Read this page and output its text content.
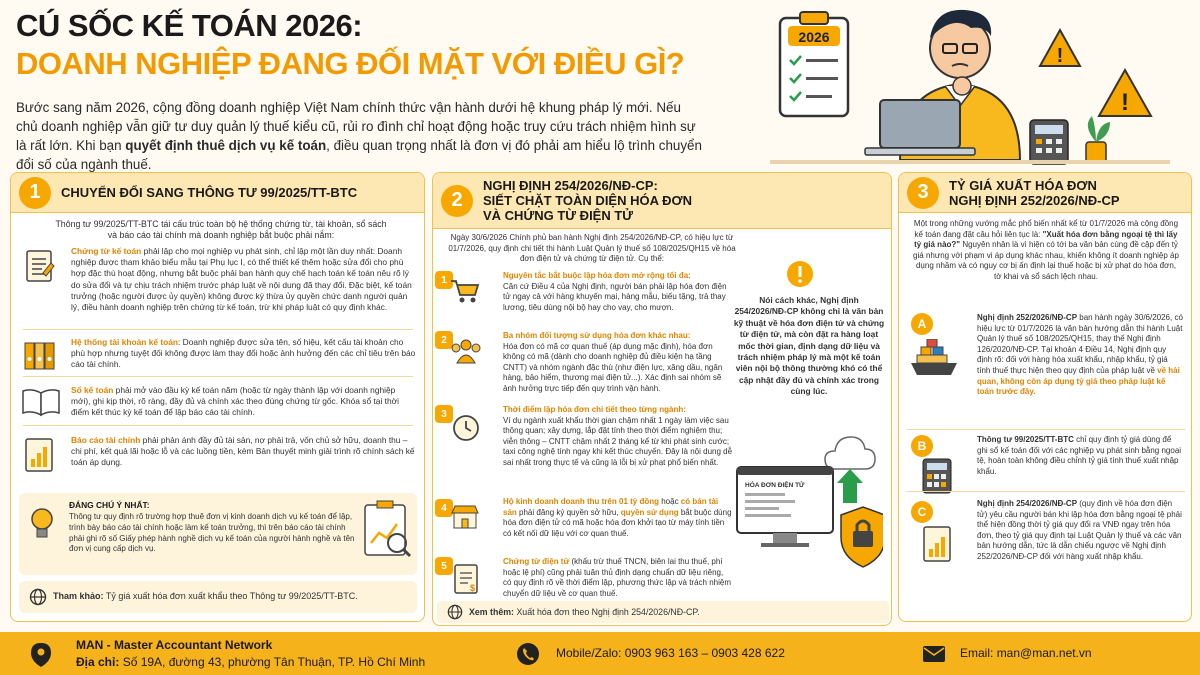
CÚ SỐC KẾ TOÁN 2026:
DOANH NGHIỆP ĐANG ĐỐI MẶT VỚI ĐIỀU GÌ?
Bước sang năm 2026, cộng đồng doanh nghiệp Việt Nam chính thức vận hành dưới hệ khung pháp lý mới. Nếu chủ doanh nghiệp vẫn giữ tư duy quản lý thuế kiểu cũ, rủi ro đình chỉ hoạt động hoặc truy cứu trách nhiệm hình sự là rất lớn. Khi bạn quyết định thuê dịch vụ kế toán, điều quan trọng nhất là đơn vị đó phải am hiểu lộ trình chuyển đổi số của ngành thuế.
2026
!
!
1	CHUYỂN ĐỔI SANG THÔNG TƯ 99/2025/TT-BTC
Thông tư 99/2025/TT-BTC tái cấu trúc toàn bộ hệ thống chứng từ, tài khoản, sổ sách và báo cáo tài chính mà doanh nghiệp bắt buộc phải nắm:
Chứng từ kế toán phải lập cho mọi nghiệp vụ phát sinh, chỉ lập một lần duy nhất: Doanh nghiệp được tham khảo biểu mẫu tại Phụ lục I, có thể thiết kế thêm hoặc sửa đổi cho phù hợp đặc thù hoạt động, nhưng bắt buộc phải ban hành quy chế hạch toán kế toán nêu rõ lý do sửa đổi và tự chịu trách nhiệm trước pháp luật về nội dung đã thay đổi. Đặc biệt, kế toán trưởng (hoặc người được ủy quyền) không được ký thừa ủy quyền chức danh người quản lý, điều hành doanh nghiệp trên chứng từ kế toán, trừ khi pháp luật có quy định khác.
Hệ thống tài khoản kế toán: Doanh nghiệp được sửa tên, số hiệu, kết cấu tài khoản cho phù hợp nhưng tuyệt đối không được làm thay đổi hoặc ảnh hưởng đến các chỉ tiêu trên báo cáo tài chính.
Sổ kế toán phải mở vào đầu kỳ kế toán năm (hoặc từ ngày thành lập với doanh nghiệp mới), ghi kịp thời, rõ ràng, đầy đủ và chính xác theo đúng chứng từ gốc. Khóa sổ tại thời điểm kết thúc kỳ kế toán để lập báo cáo tài chính.
Báo cáo tài chính phải phản ánh đầy đủ tài sản, nợ phải trả, vốn chủ sở hữu, doanh thu – chi phí, kết quả lãi hoặc lỗ và các luồng tiền, kèm Bản thuyết minh giải trình rõ chính sách kế toán áp dụng.
ĐÁNG CHÚ Ý NHẤT:
Thông tư quy định rõ trường hợp thuê đơn vị kinh doanh dịch vụ kế toán để lập, trình bày báo cáo tài chính hoặc làm kế toán trưởng, thì trên báo cáo tài chính phải ghi rõ số Giấy phép hành nghề dịch vụ kế toán của người hành nghề và tên đơn vị cung cấp dịch vụ.
Tham khảo: Tỷ giá xuất hóa đơn xuất khẩu theo Thông tư 99/2025/TT-BTC.
2
NGHỊ ĐỊNH 254/2026/NĐ-CP:
SIẾT CHẶT TOÀN DIỆN HÓA ĐƠN
VÀ CHỨNG TỪ ĐIỆN TỬ
Ngày 30/6/2026 Chính phủ ban hành Nghị định 254/2026/NĐ-CP, có hiệu lực từ 01/7/2026, quy định chi tiết thi hành Luật Quản lý thuế số 108/2025/QH15 về hóa đơn điện tử và chứng từ điện tử. Cụ thể:
1	Nguyên tắc bắt buộc lập hóa đơn mở rộng tối đa:
Căn cứ Điều 4 của Nghị định, người bán phải lập hóa đơn điện tử ngay cả với hàng khuyến mại, hàng mẫu, biếu tặng, trả thay lương, tiêu dùng nội bộ hay cho vay, cho mượn.
2	Ba nhóm đối tượng sử dụng hóa đơn khác nhau:
Hóa đơn có mã cơ quan thuế (áp dụng mặc định), hóa đơn không có mã (dành cho doanh nghiệp đủ điều kiện hạ tầng CNTT) và nhóm ngành đặc thù (như điện lực, xăng dầu, ngân hàng, bảo hiểm, thương mại điện tử...). Xác định sai nhóm sẽ ảnh hưởng trực tiếp đến quy trình vận hành.
3	Thời điểm lập hóa đơn chi tiết theo từng ngành:
Ví dụ ngành xuất khẩu thời gian chậm nhất 1 ngày làm việc sau thông quan; xây dựng, lắp đặt tính theo thời điểm nghiệm thu; viễn thông – CNTT chậm nhất 2 tháng kể từ khi phát sinh cước; taxi công nghệ tính ngay khi kết thúc chuyến. Đây là nội dung dễ sai nhất trong thực tế và cũng là lỗi bị xử phạt phổ biến nhất.
4
Hộ kinh doanh doanh thu trên 01 tỷ đồng hoặc có bán tài sản phải đăng ký quyền sở hữu, quyền sử dụng bắt buộc dùng hóa đơn điện tử có mã hoặc hóa đơn khởi tạo từ máy tính tiền có kết nối dữ liệu với cơ quan thuế.
5
$
Chứng từ điện tử (khấu trừ thuế TNCN, biên lai thu thuế, phí hoặc lệ phí) cũng phải tuân thủ định dạng chuẩn dữ liệu riêng, có quy định rõ về thời điểm lập, phương thức lập và trách nhiệm chuyển dữ liệu về cơ quan thuế.
Nói cách khác, Nghị định 254/2026/NĐ-CP không chỉ là văn bản kỹ thuật về hóa đơn điện tử và chứng từ điện tử, mà còn đặt ra hàng loạt mốc thời gian, định dạng dữ liệu và trách nhiệm pháp lý mà một kế toán viên nội bộ thông thường khó có thể cập nhật đầy đủ và chính xác trong cùng lúc.
HÓA ĐƠN ĐIỆN TỬ
Xem thêm: Xuất hóa đơn theo Nghị định 254/2026/NĐ-CP.
3	TỶ GIÁ XUẤT HÓA ĐƠN
NGHỊ ĐỊNH 252/2026/NĐ-CP
Một trong những vướng mắc phổ biến nhất kể từ 01/7/2026 mà cộng đồng kế toán đang đặt câu hỏi liên tục là: "Xuất hóa đơn bằng ngoại tệ thì lấy tỷ giá nào?" Nguyên nhân là vì hiện có tới ba văn bản cùng đề cập đến tỷ giá nhưng với phạm vi áp dụng khác nhau, khiến không ít doanh nghiệp áp dụng nhầm và có nguy cơ bị ấn định lại thuế hoặc bị xử phạt do hóa đơn, tờ khai và sổ sách lệch nhau.
A	Nghị định 252/2026/NĐ-CP ban hành ngày 30/6/2026, có hiệu lực từ 01/7/2026 là văn bản hướng dẫn thi hành Luật Quản lý thuế số 108/2025/QH15, thay thế Nghị định 126/2020/NĐ-CP. Tại khoản 4 Điều 14, Nghị định quy định rõ: đối với hàng hóa xuất khẩu, nhập khẩu, tỷ giá tính thuế thực hiện theo quy định của pháp luật về về hải quan, không còn áp dụng tỷ giá theo pháp luật kế toán trước đây.
B	Thông tư 99/2025/TT-BTC chỉ quy định tỷ giá dùng để ghi sổ kế toán đối với các nghiệp vụ phát sinh bằng ngoại tệ, hoàn toàn không điều chỉnh tỷ giá tính thuế xuất nhập khẩu.
C
Nghị định 254/2026/NĐ-CP (quy định về hóa đơn điện tử) yêu cầu người bán khi lập hóa đơn bằng ngoại tệ phải thể hiện đồng thời tỷ giá quy đổi ra VNĐ ngay trên hóa đơn, theo tỷ giá quy định tại Luật Quản lý thuế và các văn bản hướng dẫn, tức là dẫn chiếu ngược về Nghị định 252/2026/NĐ-CP đối với hàng xuất nhập khẩu.
MAN - Master Accountant Network
Địa chỉ: Số 19A, đường 43, phường Tân Thuận, TP. Hồ Chí Minh
Mobile/Zalo: 0903 963 163 – 0903 428 622	Email: man@man.net.vn
